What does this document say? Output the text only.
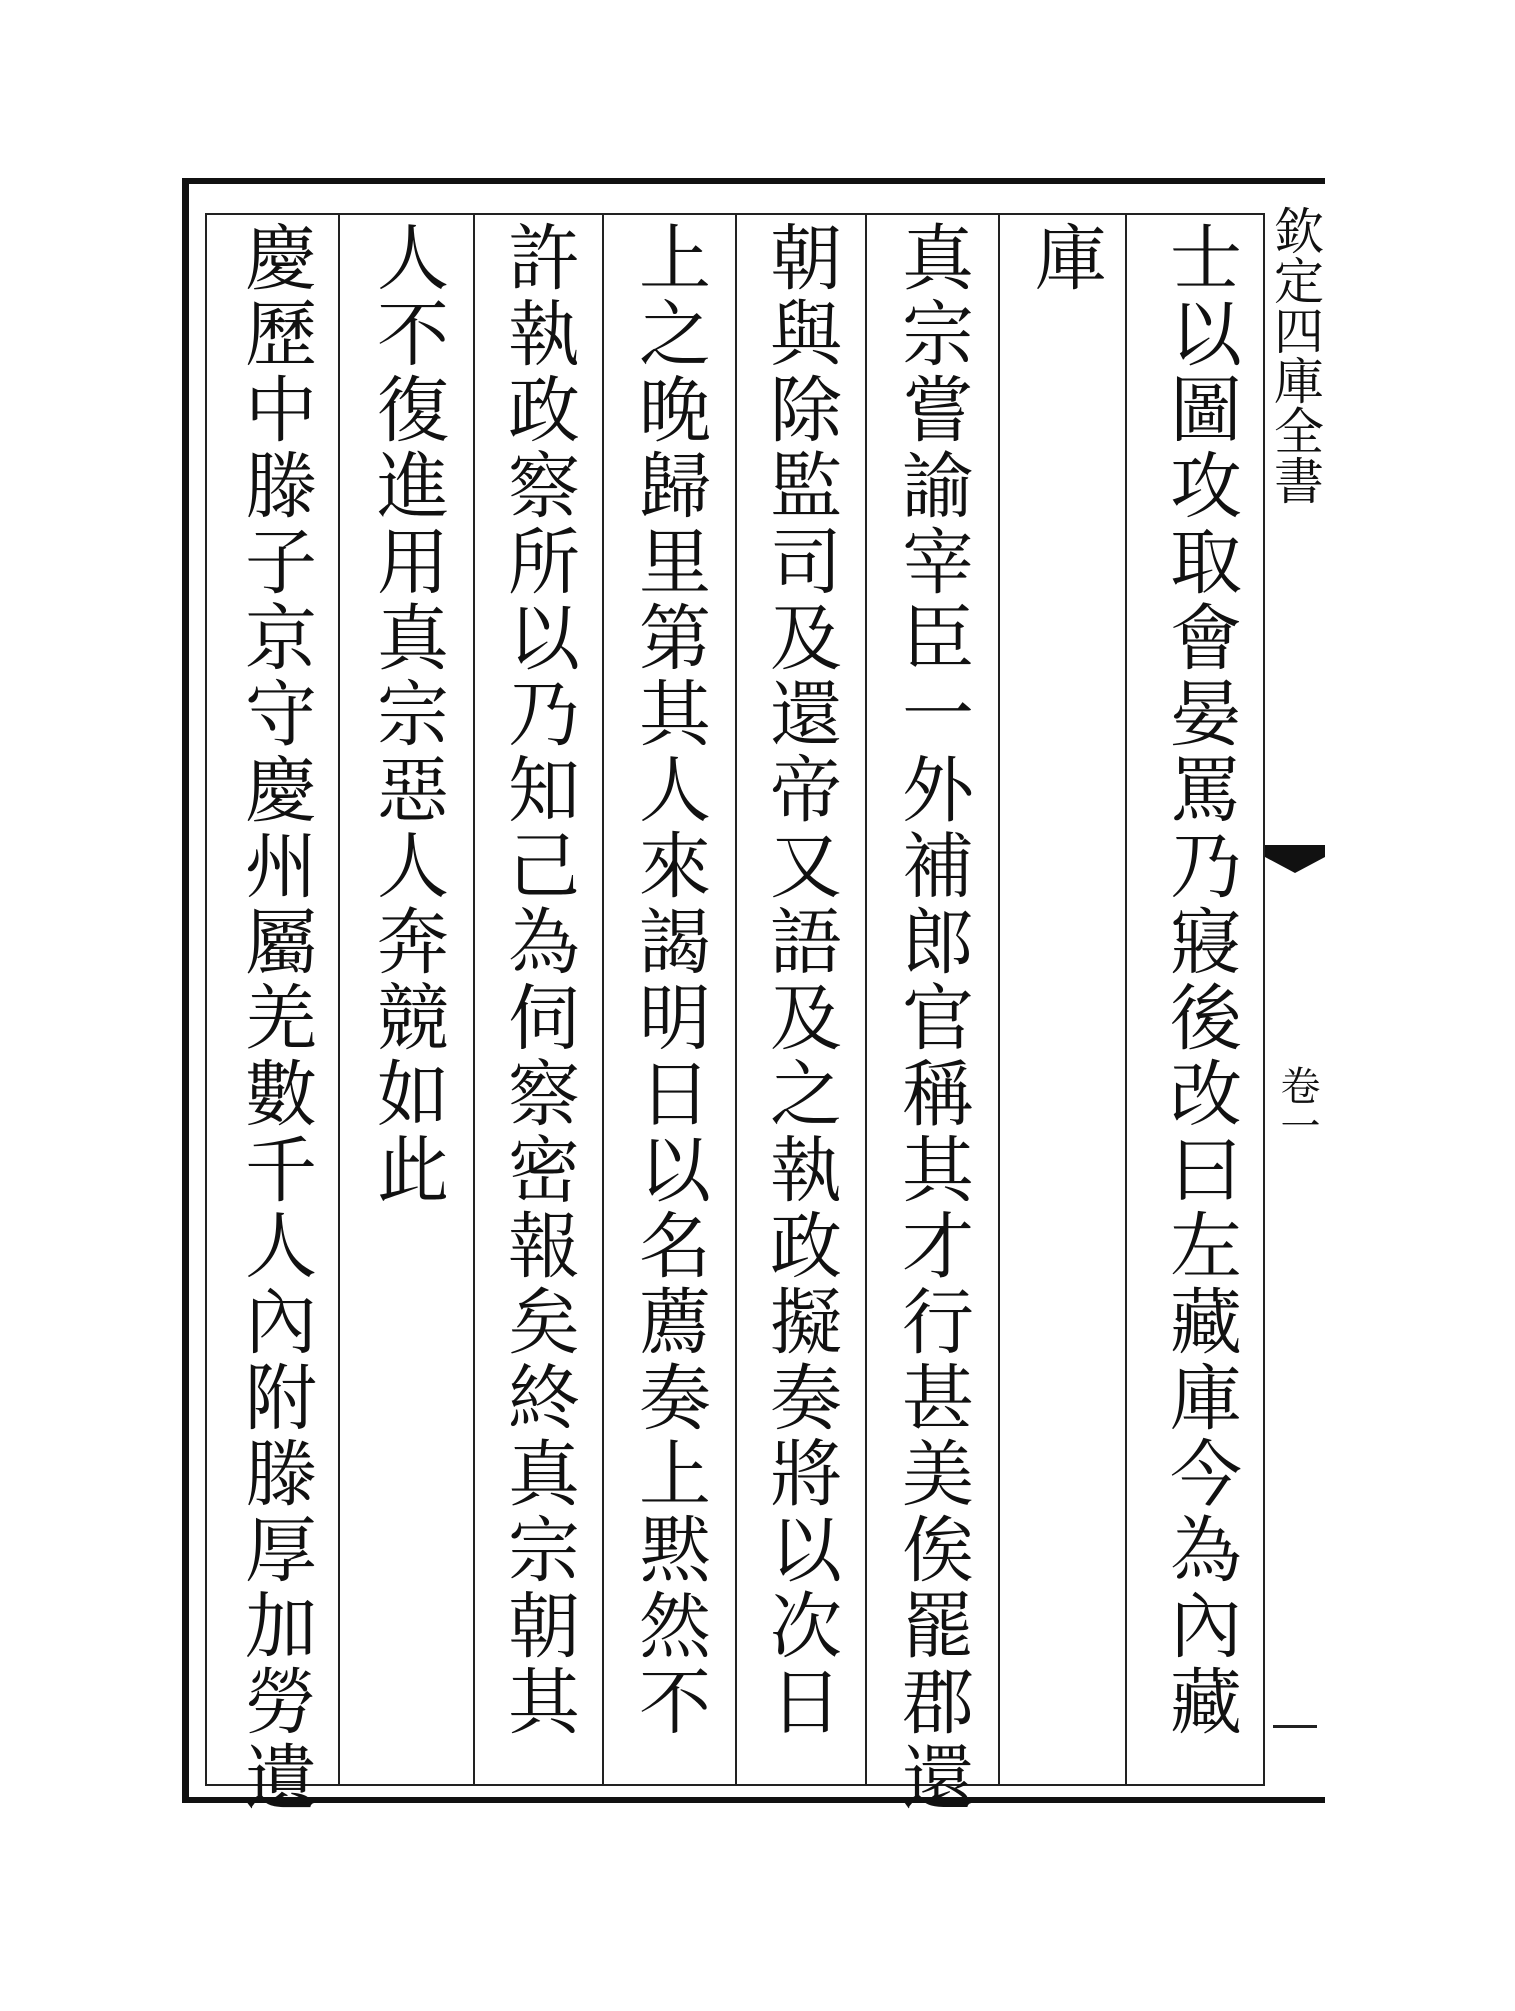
士以圖攻取會晏罵乃寢後改曰左藏庫今為內藏
庫
真宗嘗諭宰臣一外補郎官稱其才行甚美俟罷郡還
朝與除監司及還帝又語及之執政擬奏將以次日
上之晚歸里第其人來謁明日以名薦奏上黙然不
許執政察所以乃知己為伺察密報矣終真宗朝其
人不復進用真宗惡人奔競如此
慶歷中滕子京守慶州屬羌數千人內附滕厚加勞遺	欽定四庫全書
卷一
